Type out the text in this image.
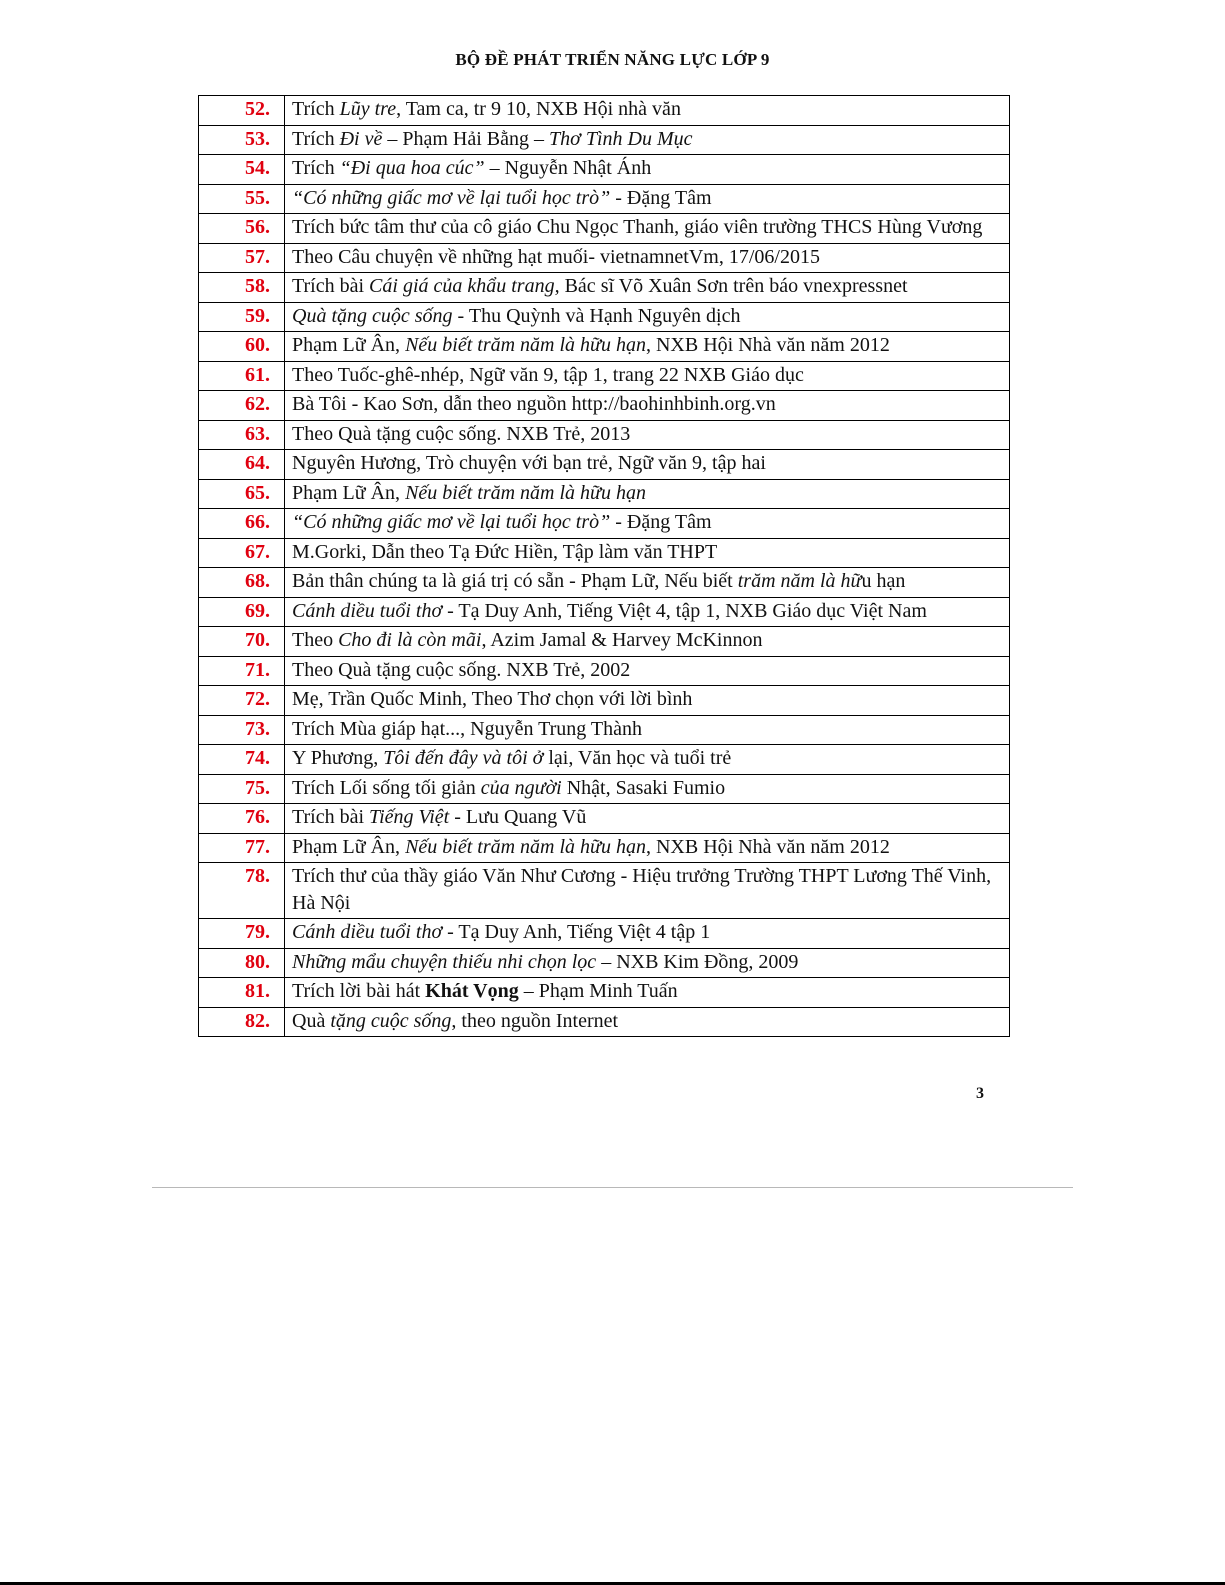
BỘ ĐỀ PHÁT TRIỂN NĂNG LỰC LỚP 9
52.	Trích Lũy tre, Tam ca, tr 9 10, NXB Hội nhà văn
53.	Trích Đi về – Phạm Hải Bằng – Thơ Tình Du Mục
54.	Trích “Đi qua hoa cúc” – Nguyễn Nhật Ánh
55.	“Có những giấc mơ về lại tuổi học trò” - Đặng Tâm
56.	Trích bức tâm thư của cô giáo Chu Ngọc Thanh, giáo viên trường THCS Hùng Vương
57.	Theo Câu chuyện về những hạt muối- vietnamnetVm, 17/06/2015
58.	Trích bài Cái giá của khẩu trang, Bác sĩ Võ Xuân Sơn trên báo vnexpressnet
59.	Quà tặng cuộc sống - Thu Quỳnh và Hạnh Nguyên dịch
60.	Phạm Lữ Ân, Nếu biết trăm năm là hữu hạn, NXB Hội Nhà văn năm 2012
61.	Theo Tuốc-ghê-nhép, Ngữ văn 9, tập 1, trang 22 NXB Giáo dục
62.	Bà Tôi - Kao Sơn, dẫn theo nguồn http://baohinhbinh.org.vn
63.	Theo Quà tặng cuộc sống. NXB Trẻ, 2013
64.	Nguyên Hương, Trò chuyện với bạn trẻ, Ngữ văn 9, tập hai
65.	Phạm Lữ Ân, Nếu biết trăm năm là hữu hạn
66.	“Có những giấc mơ về lại tuổi học trò” - Đặng Tâm
67.	M.Gorki, Dẫn theo Tạ Đức Hiền, Tập làm văn THPT
68.	Bản thân chúng ta là giá trị có sẵn - Phạm Lữ, Nếu biết trăm năm là hữu hạn
69.	Cánh diều tuổi thơ - Tạ Duy Anh, Tiếng Việt 4, tập 1, NXB Giáo dục Việt Nam
70.	Theo Cho đi là còn mãi, Azim Jamal & Harvey McKinnon
71.	Theo Quà tặng cuộc sống. NXB Trẻ, 2002
72.	Mẹ, Trần Quốc Minh, Theo Thơ chọn với lời bình
73.	Trích Mùa giáp hạt..., Nguyễn Trung Thành
74.	Y Phương, Tôi đến đây và tôi ở lại, Văn học và tuổi trẻ
75.	Trích Lối sống tối giản của người Nhật, Sasaki Fumio
76.	Trích bài Tiếng Việt - Lưu Quang Vũ
77.	Phạm Lữ Ân, Nếu biết trăm năm là hữu hạn, NXB Hội Nhà văn năm 2012
78.	Trích thư của thầy giáo Văn Như Cương - Hiệu trưởng Trường THPT Lương Thế Vinh, Hà Nội
79.	Cánh diều tuổi thơ - Tạ Duy Anh, Tiếng Việt 4 tập 1
80.	Những mẩu chuyện thiếu nhi chọn lọc – NXB Kim Đồng, 2009
81.	Trích lời bài hát Khát Vọng – Phạm Minh Tuấn
82.	Quà tặng cuộc sống, theo nguồn Internet
3
